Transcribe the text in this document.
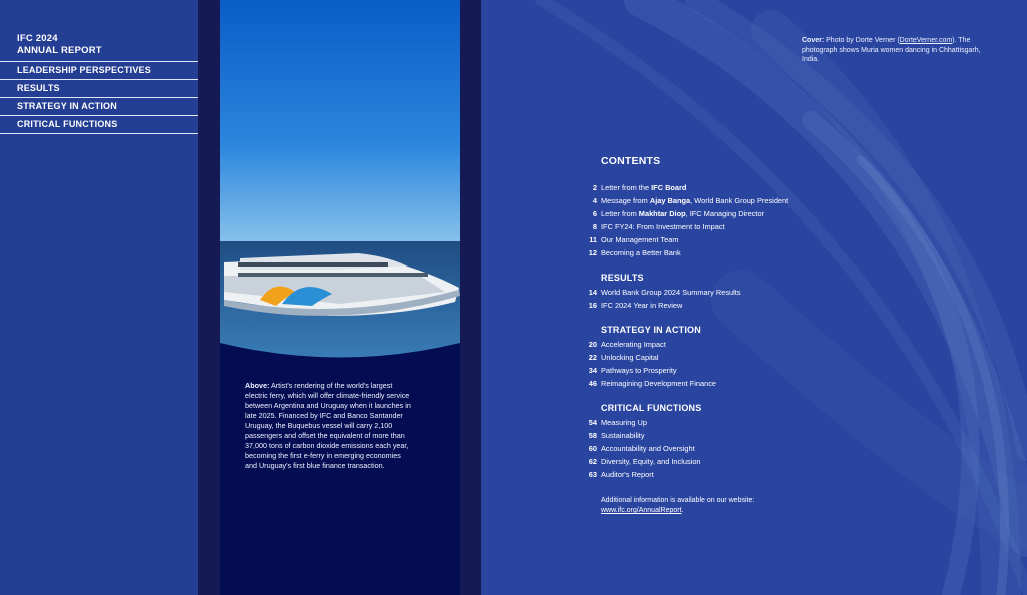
IFC 2024
ANNUAL REPORT
LEADERSHIP PERSPECTIVES
RESULTS
STRATEGY IN ACTION
CRITICAL FUNCTIONS
Above: Artist's rendering of the world's largest electric ferry, which will offer climate-friendly service between Argentina and Uruguay when it launches in late 2025. Financed by IFC and Banco Santander Uruguay, the Buquebus vessel will carry 2,100 passengers and offset the equivalent of more than 37,000 tons of carbon dioxide emissions each year, becoming the first e-ferry in emerging economies and Uruguay's first blue finance transaction.
Cover: Photo by Dorte Verner (DorteVerner.com). The photograph shows Muria women dancing in Chhattisgarh, India.
CONTENTS
2 Letter from the IFC Board
4 Message from Ajay Banga, World Bank Group President
6 Letter from Makhtar Diop, IFC Managing Director
8 IFC FY24: From Investment to Impact
11 Our Management Team
12 Becoming a Better Bank
RESULTS
14 World Bank Group 2024 Summary Results
16 IFC 2024 Year in Review
STRATEGY IN ACTION
20 Accelerating Impact
22 Unlocking Capital
34 Pathways to Prosperity
46 Reimagining Development Finance
CRITICAL FUNCTIONS
54 Measuring Up
58 Sustainability
60 Accountability and Oversight
62 Diversity, Equity, and Inclusion
63 Auditor's Report
Additional information is available on our website:
www.ifc.org/AnnualReport.
